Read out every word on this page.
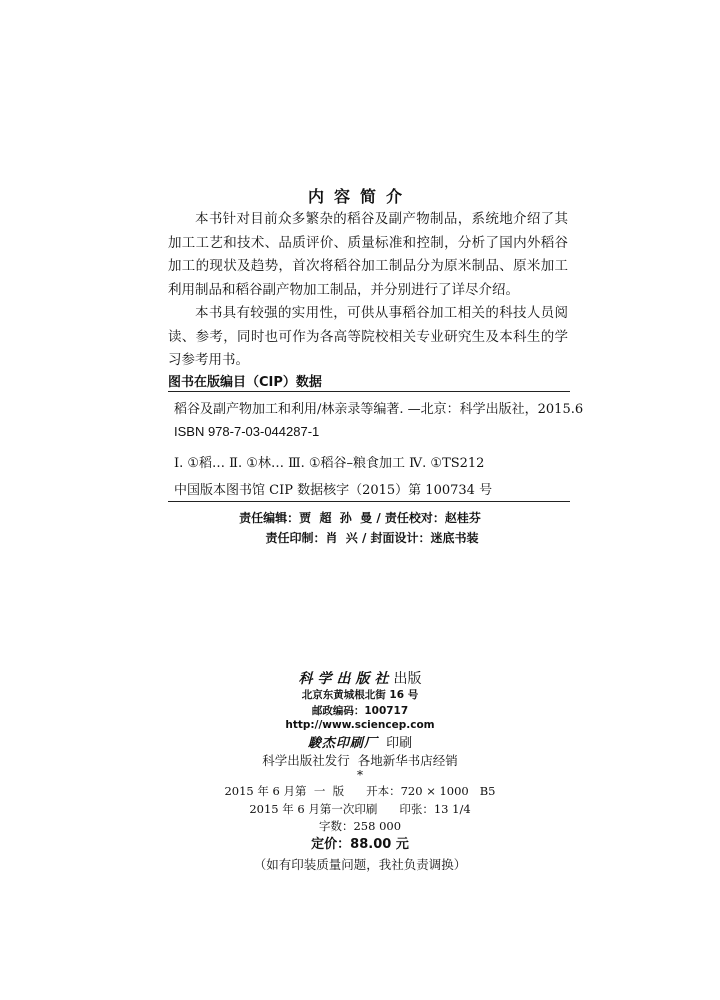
内容简介

本书针对目前众多繁杂的稻谷及副产物制品，系统地介绍了其加工工艺和技术、品质评价、质量标准和控制，分析了国内外稻谷加工的现状及趋势，首次将稻谷加工制品分为原米制品、原米加工利用制品和稻谷副产物加工制品，并分别进行了详尽介绍。

本书具有较强的实用性，可供从事稻谷加工相关的科技人员阅读、参考，同时也可作为各高等院校相关专业研究生及本科生的学习参考用书。

图书在版编目（CIP）数据
稻谷及副产物加工和利用/林亲录等编著. —北京：科学出版社，2015.6
ISBN 978-7-03-044287-1
Ⅰ. ①稻… Ⅱ. ①林… Ⅲ. ①稻谷–粮食加工 Ⅳ. ①TS212
中国版本图书馆 CIP 数据核字（2015）第 100734 号
责任编辑：贾  超  孙  曼 / 责任校对：赵桂芬
责任印制：肖  兴 / 封面设计：迷底书装
科学出版社出版
北京东黄城根北街 16 号
邮政编码：100717
http://www.sciencep.com
駿杰印刷厂 印刷
科学出版社发行  各地新华书店经销
*
2015 年 6 月第  一  版      开本：720 × 1000   B5
2015 年 6 月第一次印刷      印张：13 1/4
字数：258 000
定价：88.00 元
（如有印装质量问题，我社负责调换）
